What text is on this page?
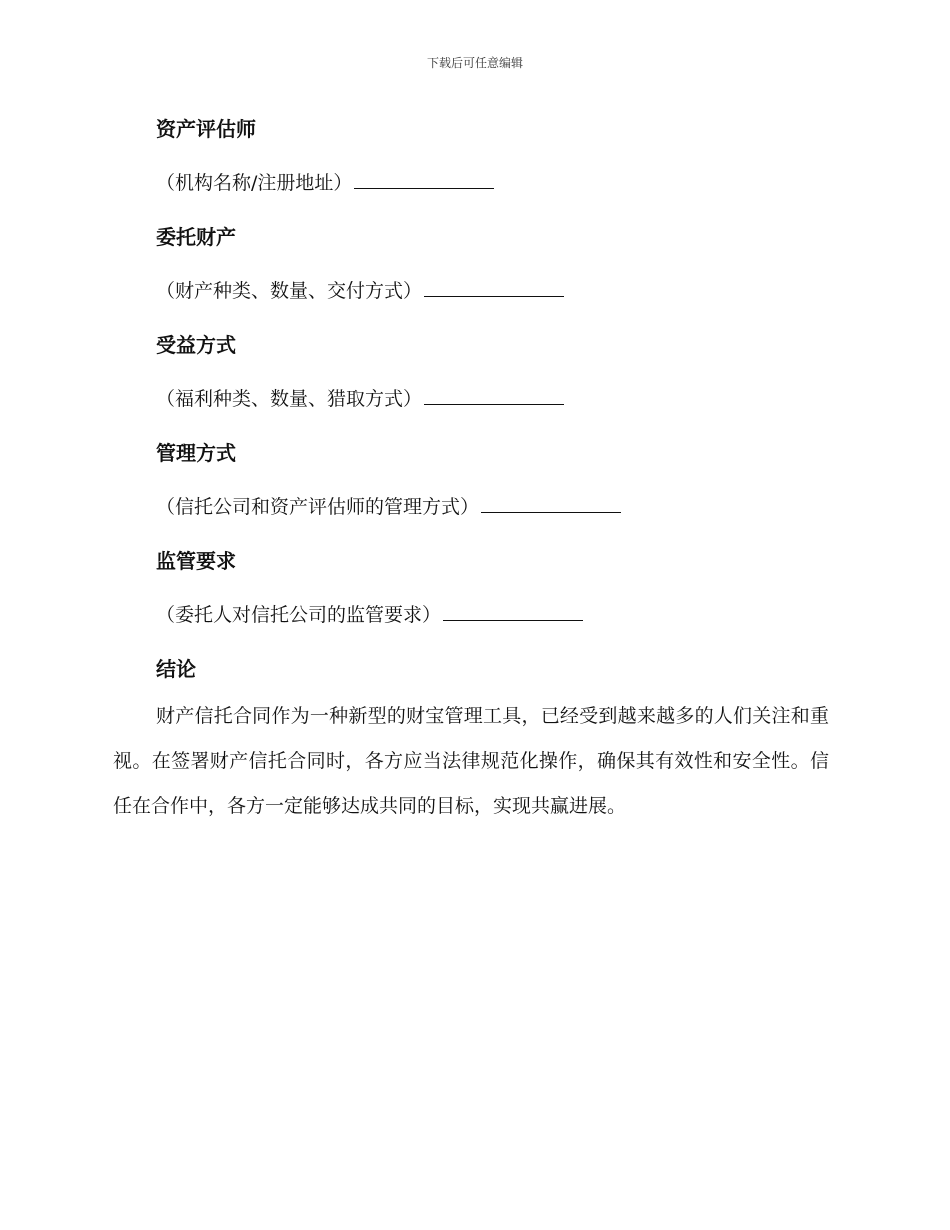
下载后可任意编辑
资产评估师
（机构名称/注册地址）
委托财产
（财产种类、数量、交付方式）
受益方式
（福利种类、数量、猎取方式）
管理方式
（信托公司和资产评估师的管理方式）
监管要求
（委托人对信托公司的监管要求）
结论

财产信托合同作为一种新型的财宝管理工具，已经受到越来越多的人们关注和重视。在签署财产信托合同时，各方应当法律规范化操作，确保其有效性和安全性。信任在合作中，各方一定能够达成共同的目标，实现共赢进展。
